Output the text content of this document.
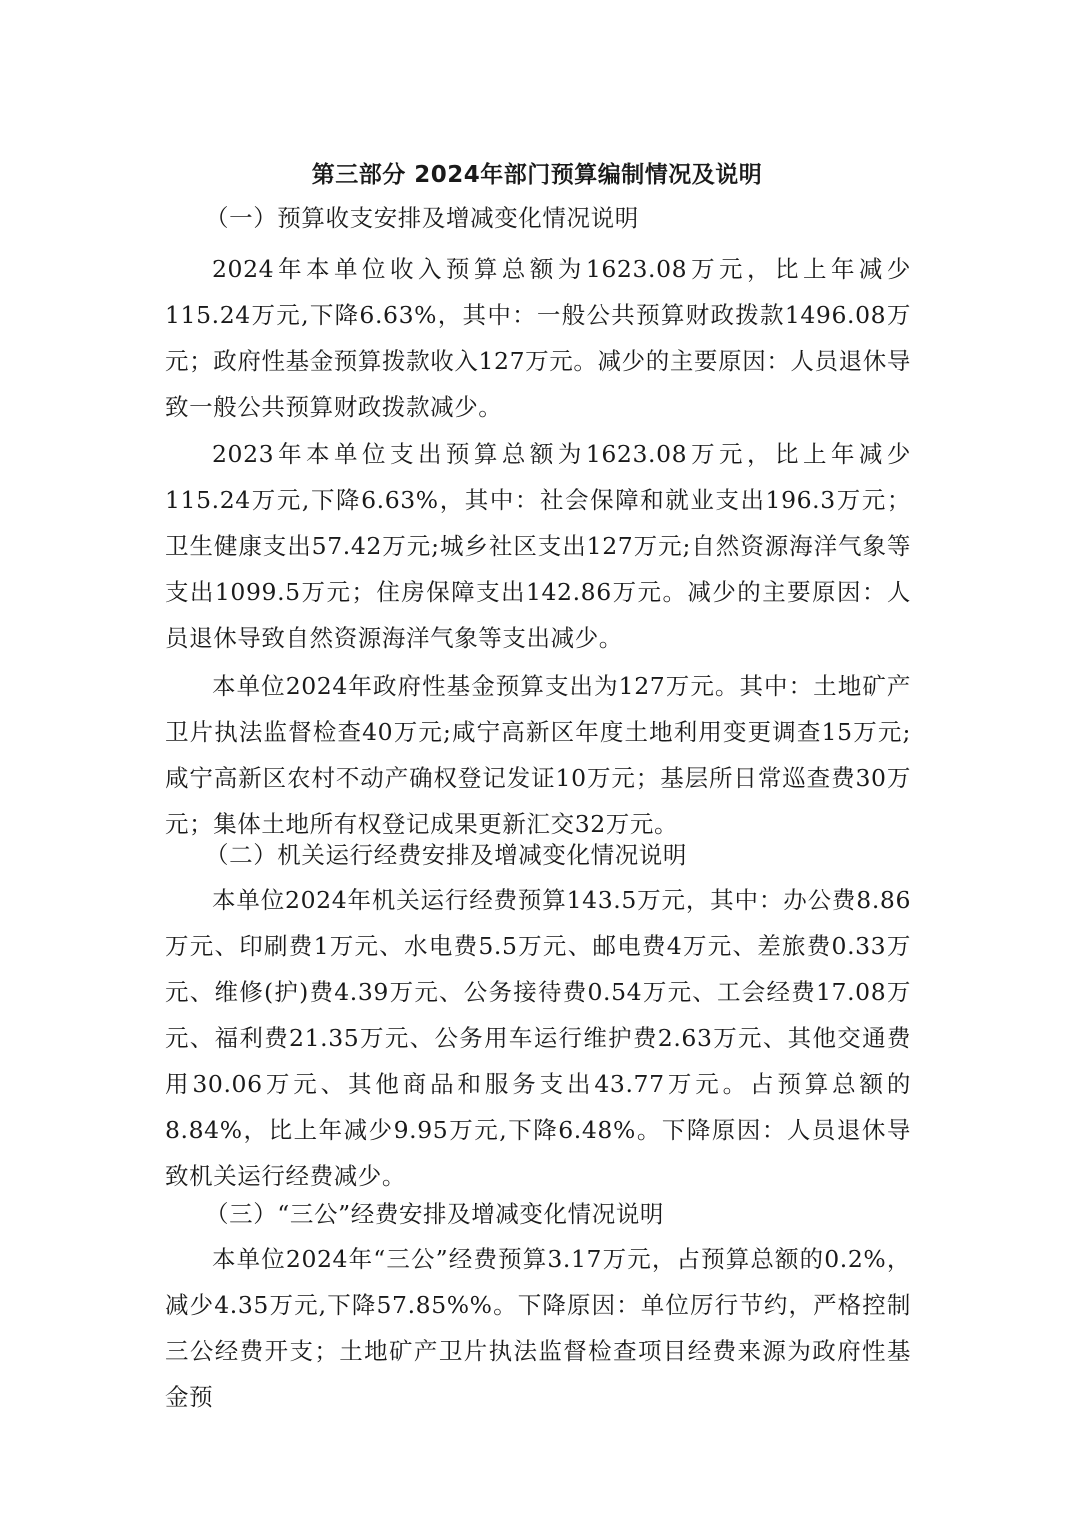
第三部分 2024年部门预算编制情况及说明

（一）预算收支安排及增减变化情况说明

2024年本单位收入预算总额为1623.08万元，比上年减少115.24万元,下降6.63%，其中：一般公共预算财政拨款1496.08万元；政府性基金预算拨款收入127万元。减少的主要原因：人员退休导致一般公共预算财政拨款减少。

2023年本单位支出预算总额为1623.08万元，比上年减少115.24万元,下降6.63%，其中：社会保障和就业支出196.3万元；卫生健康支出57.42万元;城乡社区支出127万元;自然资源海洋气象等支出1099.5万元；住房保障支出142.86万元。减少的主要原因：人员退休导致自然资源海洋气象等支出减少。

本单位2024年政府性基金预算支出为127万元。其中：土地矿产卫片执法监督检查40万元;咸宁高新区年度土地利用变更调查15万元;咸宁高新区农村不动产确权登记发证10万元；基层所日常巡查费30万元；集体土地所有权登记成果更新汇交32万元。

（二）机关运行经费安排及增减变化情况说明

本单位2024年机关运行经费预算143.5万元，其中：办公费8.86万元、印刷费1万元、水电费5.5万元、邮电费4万元、差旅费0.33万元、维修(护)费4.39万元、公务接待费0.54万元、工会经费17.08万元、福利费21.35万元、公务用车运行维护费2.63万元、其他交通费用30.06万元、其他商品和服务支出43.77万元。占预算总额的8.84%，比上年减少9.95万元,下降6.48%。下降原因：人员退休导致机关运行经费减少。

（三）“三公”经费安排及增减变化情况说明

本单位2024年“三公”经费预算3.17万元，占预算总额的0.2%，减少4.35万元,下降57.85%%。下降原因：单位厉行节约，严格控制三公经费开支；土地矿产卫片执法监督检查项目经费来源为政府性基金预
